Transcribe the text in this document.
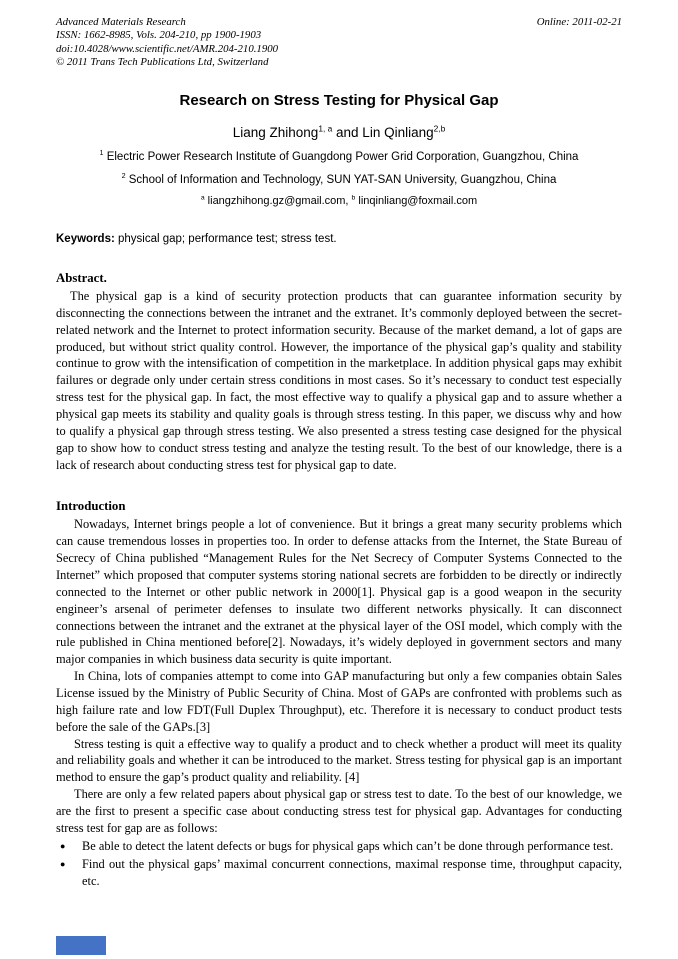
Advanced Materials Research	Online: 2011-02-21
ISSN: 1662-8985, Vols. 204-210, pp 1900-1903
doi:10.4028/www.scientific.net/AMR.204-210.1900
© 2011 Trans Tech Publications Ltd, Switzerland
Research on Stress Testing for Physical Gap
Liang Zhihong$^{1, a}$ and Lin Qinliang$^{2,b}$
$^1$ Electric Power Research Institute of Guangdong Power Grid Corporation, Guangzhou, China
$^2$ School of Information and Technology, SUN YAT-SAN University, Guangzhou, China
$^a$ liangzhihong.gz@gmail.com, $^b$ linqinliang@foxmail.com
Keywords: physical gap; performance test; stress test.
Abstract.
The physical gap is a kind of security protection products that can guarantee information security by disconnecting the connections between the intranet and the extranet. It’s commonly deployed between the secret-related network and the Internet to protect information security. Because of the market demand, a lot of gaps are produced, but without strict quality control. However, the importance of the physical gap’s quality and stability continue to grow with the intensification of competition in the marketplace. In addition physical gaps may exhibit failures or degrade only under certain stress conditions in most cases. So it’s necessary to conduct test especially stress test for the physical gap. In fact, the most effective way to qualify a physical gap and to assure whether a physical gap meets its stability and quality goals is through stress testing. In this paper, we discuss why and how to qualify a physical gap through stress testing. We also presented a stress testing case designed for the physical gap to show how to conduct stress testing and analyze the testing result. To the best of our knowledge, there is a lack of research about conducting stress test for physical gap to date.
Introduction
Nowadays, Internet brings people a lot of convenience. But it brings a great many security problems which can cause tremendous losses in properties too. In order to defense attacks from the Internet, the State Bureau of Secrecy of China published “Management Rules for the Net Secrecy of Computer Systems Connected to the Internet” which proposed that computer systems storing national secrets are forbidden to be directly or indirectly connected to the Internet or other public network in 2000[1]. Physical gap is a good weapon in the security engineer’s arsenal of perimeter defenses to insulate two different networks physically. It can disconnect connections between the intranet and the extranet at the physical layer of the OSI model, which comply with the rule published in China mentioned before[2]. Nowadays, it’s widely deployed in government sectors and many major companies in which business data security is quite important.
In China, lots of companies attempt to come into GAP manufacturing but only a few companies obtain Sales License issued by the Ministry of Public Security of China. Most of GAPs are confronted with problems such as high failure rate and low FDT(Full Duplex Throughput), etc. Therefore it is necessary to conduct product tests before the sale of the GAPs.[3]
Stress testing is quit a effective way to qualify a product and to check whether a product will meet its quality and reliability goals and whether it can be introduced to the market. Stress testing for physical gap is an important method to ensure the gap’s product quality and reliability. [4]
There are only a few related papers about physical gap or stress test to date. To the best of our knowledge, we are the first to present a specific case about conducting stress test for physical gap. Advantages for conducting stress test for gap are as follows:
●	Be able to detect the latent defects or bugs for physical gaps which can’t be done through performance test.
●	Find out the physical gaps’ maximal concurrent connections, maximal response time, throughput capacity, etc.
